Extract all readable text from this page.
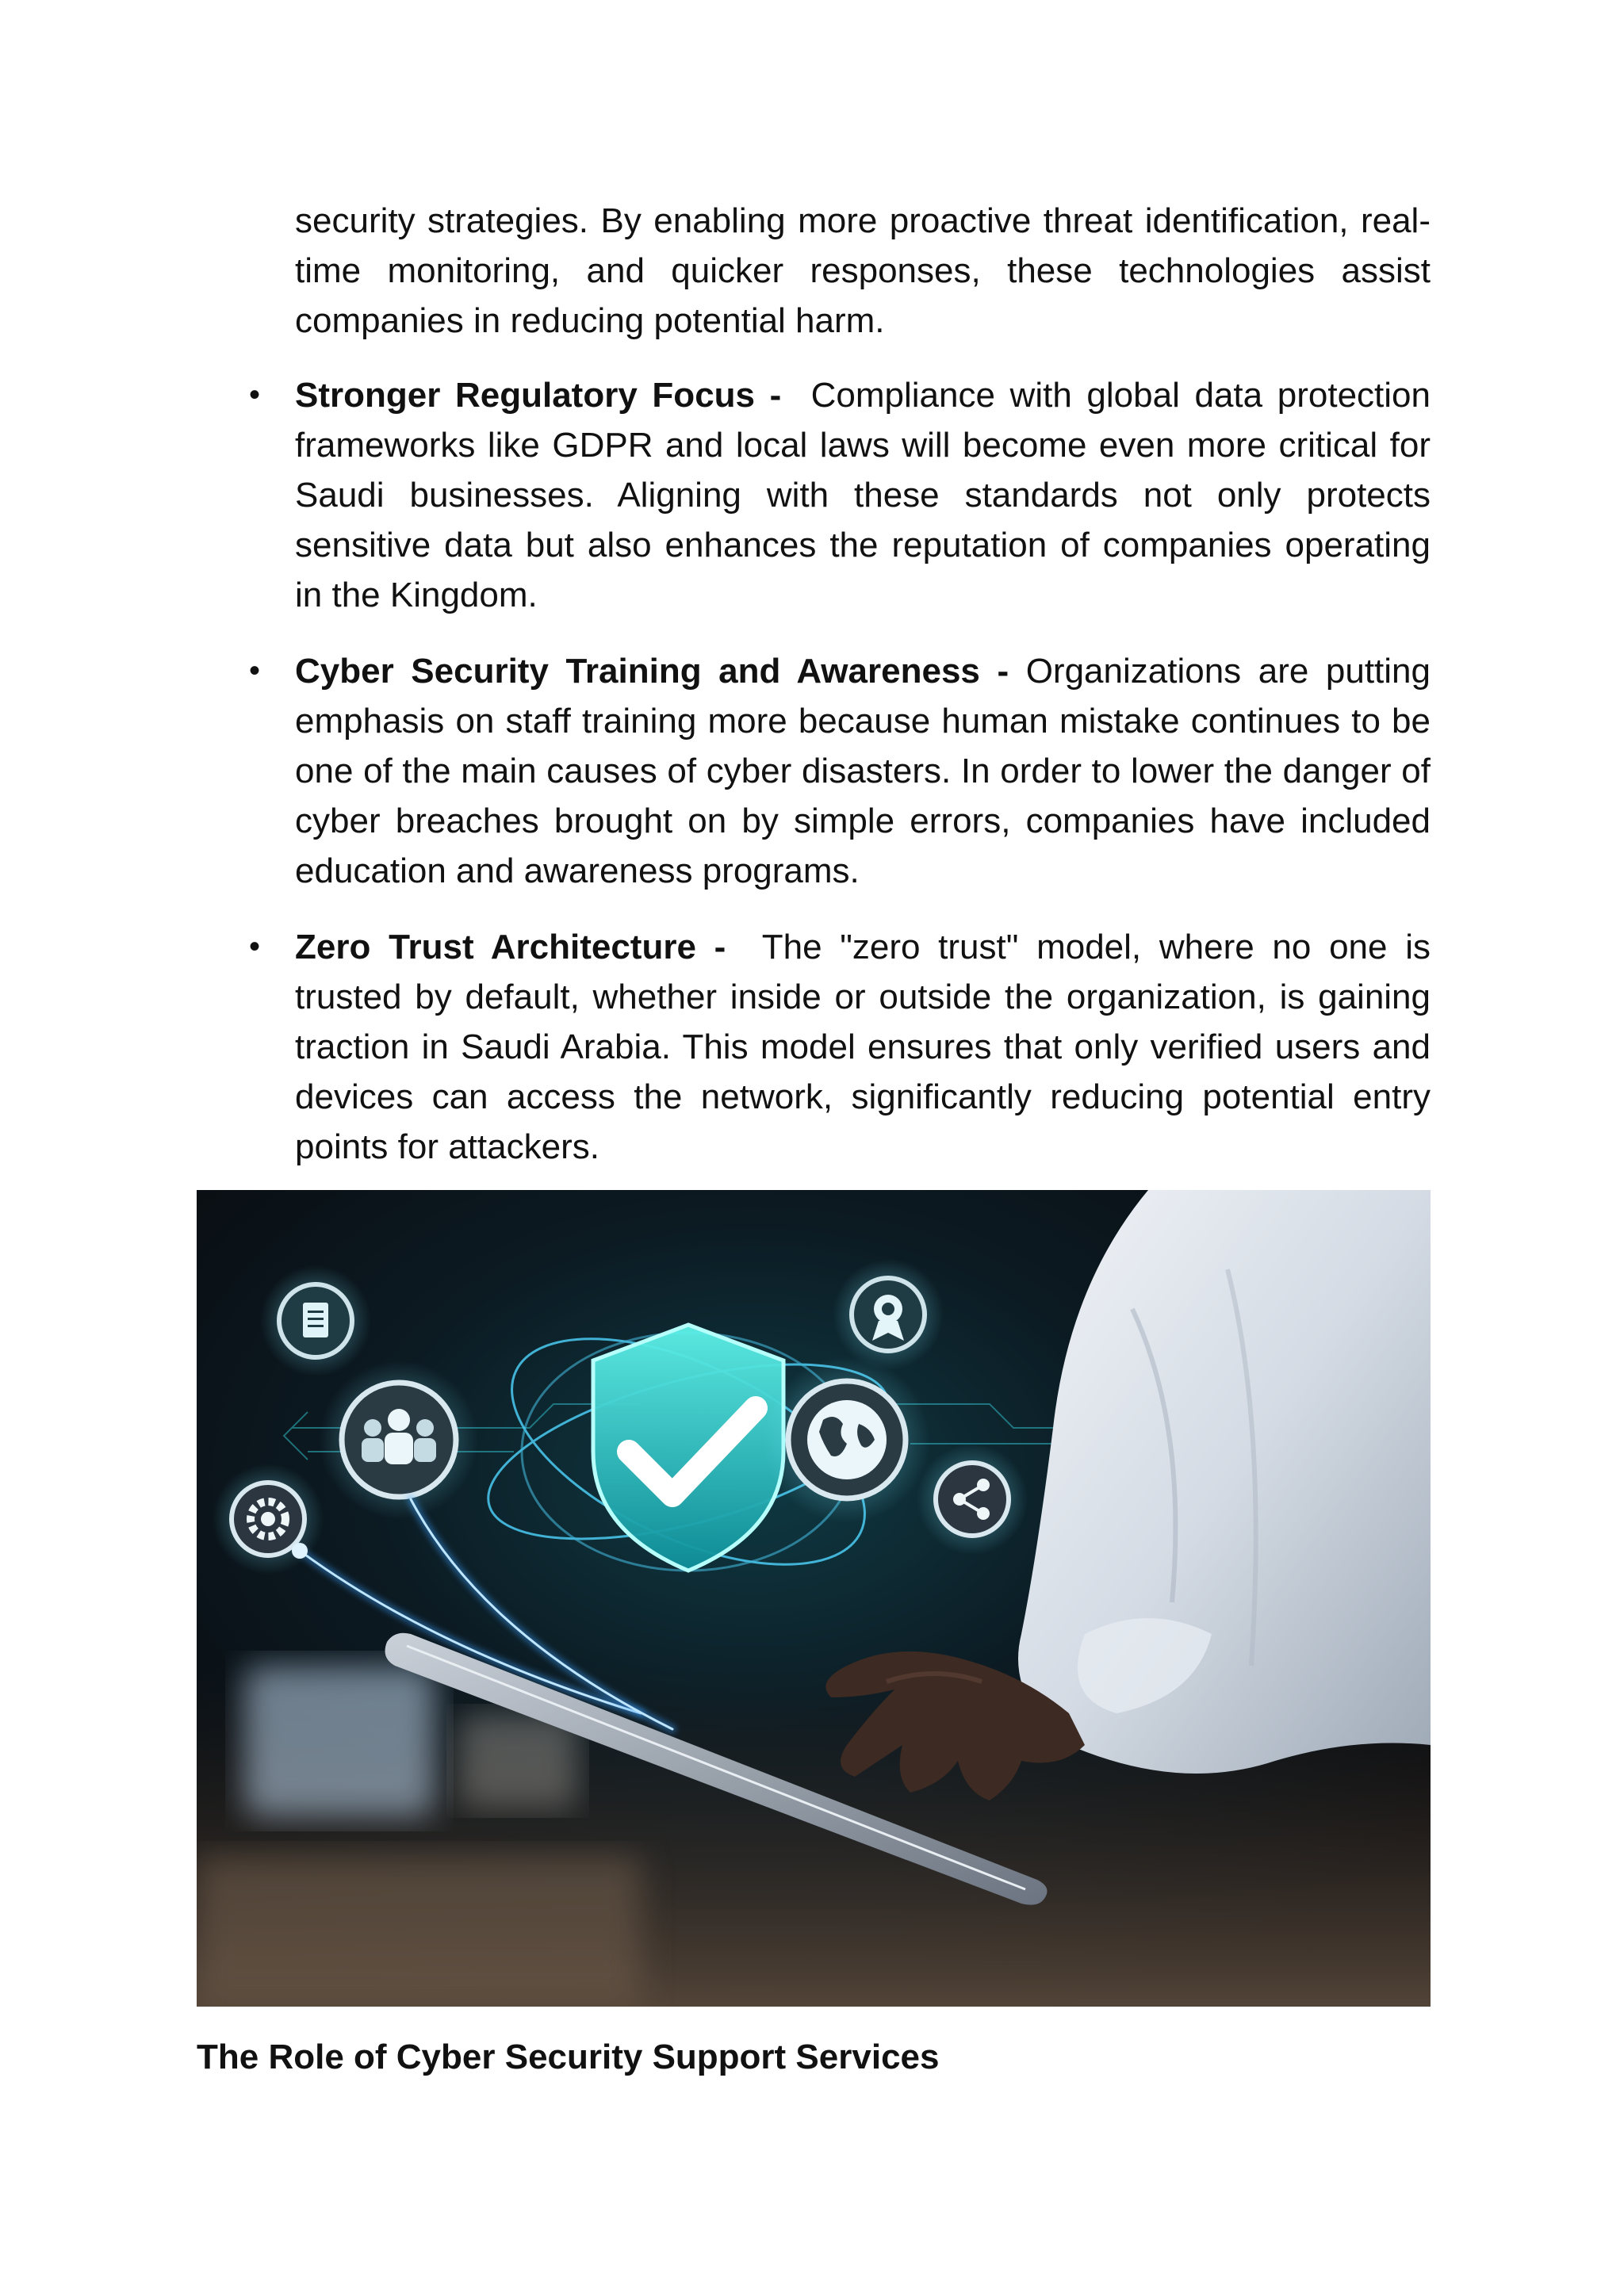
security strategies. By enabling more proactive threat identification, real-time monitoring, and quicker responses, these technologies assist companies in reducing potential harm.

• Stronger Regulatory Focus - Compliance with global data protection frameworks like GDPR and local laws will become even more critical for Saudi businesses. Aligning with these standards not only protects sensitive data but also enhances the reputation of companies operating in the Kingdom.
• Cyber Security Training and Awareness - Organizations are putting emphasis on staff training more because human mistake continues to be one of the main causes of cyber disasters. In order to lower the danger of cyber breaches brought on by simple errors, companies have included education and awareness programs.
• Zero Trust Architecture - The "zero trust" model, where no one is trusted by default, whether inside or outside the organization, is gaining traction in Saudi Arabia. This model ensures that only verified users and devices can access the network, significantly reducing potential entry points for attackers.
The Role of Cyber Security Support Services
